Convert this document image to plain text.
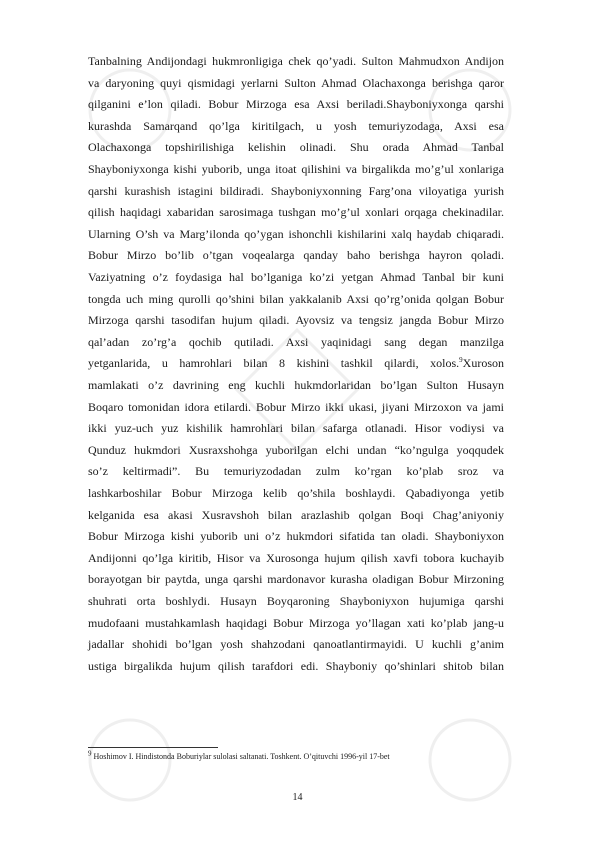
Tanbalning Andijondagi hukmronligiga chek qo’yadi. Sulton Mahmudxon Andijon
va daryoning quyi qismidagi yerlarni Sulton Ahmad Olachaxonga berishga qaror
qilganini e’lon qiladi. Bobur Mirzoga esa Axsi beriladi.Shayboniyxonga qarshi
kurashda Samarqand qo’lga kiritilgach, u yosh temuriyzodaga, Axsi esa
Olachaxonga topshirilishiga kelishin olinadi. Shu orada Ahmad Tanbal
Shayboniyxonga kishi yuborib, unga itoat qilishini va birgalikda mo’g’ul xonlariga
qarshi kurashish istagini bildiradi. Shayboniyxonning Farg’ona viloyatiga yurish
qilish haqidagi xabaridan sarosimaga tushgan mo’g’ul xonlari orqaga chekinadilar.
Ularning O’sh va Marg’ilonda qo’ygan ishonchli kishilarini xalq haydab chiqaradi.
Bobur Mirzo bo’lib o’tgan voqealarga qanday baho berishga hayron qoladi.
Vaziyatning o’z foydasiga hal bo’lganiga ko’zi yetgan Ahmad Tanbal bir kuni
tongda uch ming qurolli qo’shini bilan yakkalanib Axsi qo’rg’onida qolgan Bobur
Mirzoga qarshi tasodifan hujum qiladi. Ayovsiz va tengsiz jangda Bobur Mirzo
qal’adan zo’rg’a qochib qutiladi. Axsi yaqinidagi sang degan manzilga
yetganlarida, u hamrohlari bilan 8 kishini tashkil qilardi, xolos.$^9$Xuroson
mamlakati o’z davrining eng kuchli hukmdorlaridan bo’lgan Sulton Husayn
Boqaro tomonidan idora etilardi. Bobur Mirzo ikki ukasi, jiyani Mirzoxon va jami
ikki yuz-uch yuz kishilik hamrohlari bilan safarga otlanadi. Hisor vodiysi va
Qunduz hukmdori Xusraxshohga yuborilgan elchi undan “ko’ngulga yoqqudek
so’z keltirmadi”. Bu temuriyzodadan zulm ko’rgan ko’plab sroz va
lashkarboshilar Bobur Mirzoga kelib qo’shila boshlaydi. Qabadiyonga yetib
kelganida esa akasi Xusravshoh bilan arazlashib qolgan Boqi Chag’aniyoniy
Bobur Mirzoga kishi yuborib uni o’z hukmdori sifatida tan oladi. Shayboniyxon
Andijonni qo’lga kiritib, Hisor va Xurosonga hujum qilish xavfi tobora kuchayib
borayotgan bir paytda, unga qarshi mardonavor kurasha oladigan Bobur Mirzoning
shuhrati orta boshlydi. Husayn Boyqaroning Shayboniyxon hujumiga qarshi
mudofaani mustahkamlash haqidagi Bobur Mirzoga yo’llagan xati ko’plab jang-u
jadallar shohidi bo’lgan yosh shahzodani qanoatlantirmayidi. U kuchli g’anim
ustiga birgalikda hujum qilish tarafdori edi. Shayboniy qo’shinlari shitob bilan
$^9$ Hoshimov I. Hindistonda Boburiylar sulolasi saltanati. Toshkent. O’qituvchi 1996-yil 17-bet
14
